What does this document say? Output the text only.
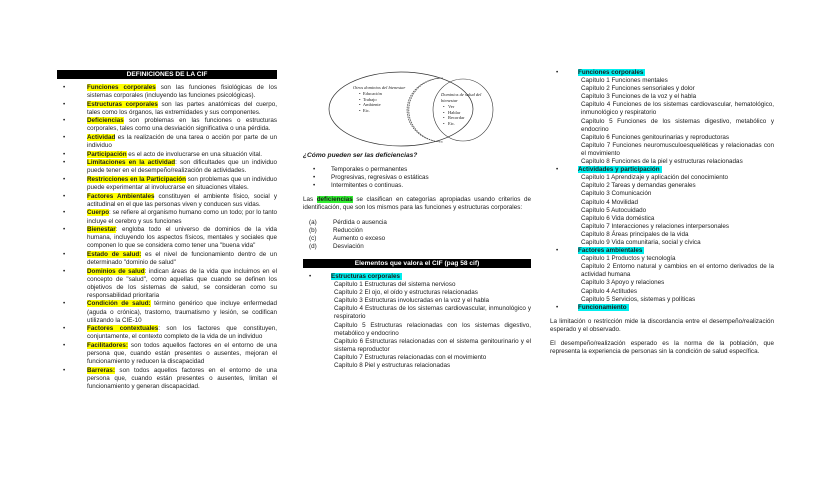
DEFINICIONES DE LA CIF
•	Funciones corporales son las funciones fisiológicas de los sistemas corporales (incluyendo las funciones psicológicas).
•	Estructuras corporales son las partes anatómicas del cuerpo, tales como los órganos, las extremidades y sus componentes.
•	Deficiencias son problemas en las funciones o estructuras corporales, tales como una desviación significativa o una pérdida.
•	Actividad es la realización de una tarea o acción por parte de un individuo
•	Participación es el acto de involucrarse en una situación vital.
•	Limitaciones en la actividad: son dificultades que un individuo puede tener en el desempeño/realización de actividades.
•	Restricciones en la Participación son problemas que un individuo puede experimentar al involucrarse en situaciones vitales.
•	Factores Ambientales constituyen el ambiente físico, social y actitudinal en el que las personas viven y conducen sus vidas.
•	Cuerpo: se refiere al organismo humano como un todo; por lo tanto incluye el cerebro y sus funciones
•	Bienestar: engloba todo el universo de dominios de la vida humana, incluyendo los aspectos físicos, mentales y sociales que componen lo que se considera como tener una "buena vida"
•	Estado de salud: es el nivel de funcionamiento dentro de un determinado "dominio de salud"
•	Dominios de salud: indican áreas de la vida que incluimos en el concepto de "salud", como aquellas que cuando se definen los objetivos de los sistemas de salud, se consideran como su responsabilidad prioritaria
•	Condición de salud: término genérico que incluye enfermedad (aguda o crónica), trastorno, traumatismo y lesión, se codifican utilizando la CIE-10
•	Factores contextuales: son los factores que constituyen, conjuntamente, el contexto completo de la vida de un individuo
•	Facilitadores: son todos aquellos factores en el entorno de una persona que, cuando están presentes o ausentes, mejoran el funcionamiento y reducen la discapacidad
•	Barreras: son todos aquellos factores en el entorno de una persona que, cuando están presentes o ausentes, limitan el funcionamiento y generan discapacidad.
Otros dominios del bienestar
•  Educación
•  Trabajo
•  Ambiente
•  Etc.
Dominios de salud del
bienestar
•   Ver
•   Hablar
•   Recordar
•   Etc.
¿Cómo pueden ser las deficiencias?
•	Temporales o permanentes
•	Progresivas, regresivas o estáticas
•	Intermitentes o continuas.

Las deficiencias se clasifican en categorías apropiadas usando criterios de identificación, que son los mismos para las funciones y estructuras corporales:

(a)	Pérdida o ausencia
(b)	Reducción
(c)	Aumento o exceso
(d)	Desviación
Elementos que valora el CIF (pag 58 cif)
•	Estructuras corporales
Capítulo 1 Estructuras del sistema nervioso
Capítulo 2 El ojo, el oído y estructuras relacionadas
Capítulo 3 Estructuras involucradas en la voz y el habla
Capítulo 4 Estructuras de los sistemas cardiovascular, inmunológico y respiratorio
Capítulo 5 Estructuras relacionadas con los sistemas digestivo, metabólico y endocrino
Capítulo 6 Estructuras relacionadas con el sistema genitourinario y el sistema reproductor
Capítulo 7 Estructuras relacionadas con el movimiento
Capítulo 8 Piel y estructuras relacionadas
•	Funciones corporales
Capítulo 1 Funciones mentales
Capítulo 2 Funciones sensoriales y dolor
Capítulo 3 Funciones de la voz y el habla
Capítulo 4 Funciones de los sistemas cardiovascular, hematológico, inmunológico y respiratorio
Capítulo 5 Funciones de los sistemas digestivo, metabólico y endocrino
Capítulo 6 Funciones genitourinarias y reproductoras
Capítulo 7 Funciones neuromusculoesqueléticas y relacionadas con el movimiento
Capítulo 8 Funciones de la piel y estructuras relacionadas
•	Actividades y participación
Capítulo 1 Aprendizaje y aplicación del conocimiento
Capítulo 2 Tareas y demandas generales
Capítulo 3 Comunicación
Capítulo 4 Movilidad
Capítulo 5 Autocuidado
Capítulo 6 Vida doméstica
Capítulo 7 Interacciones y relaciones interpersonales
Capítulo 8 Áreas principales de la vida
Capítulo 9 Vida comunitaria, social y cívica
•	Factores ambientales
Capítulo 1 Productos y tecnología
Capítulo 2 Entorno natural y cambios en el entorno derivados de la actividad humana
Capítulo 3 Apoyo y relaciones
Capítulo 4 Actitudes
Capítulo 5 Servicios, sistemas y políticas
•	Funcionamiento

La limitación o restricción mide la discordancia entre el desempeño/realización esperado y el observado.

El desempeño/realización esperado es la norma de la población, que representa la experiencia de personas sin la condición de salud específica.
